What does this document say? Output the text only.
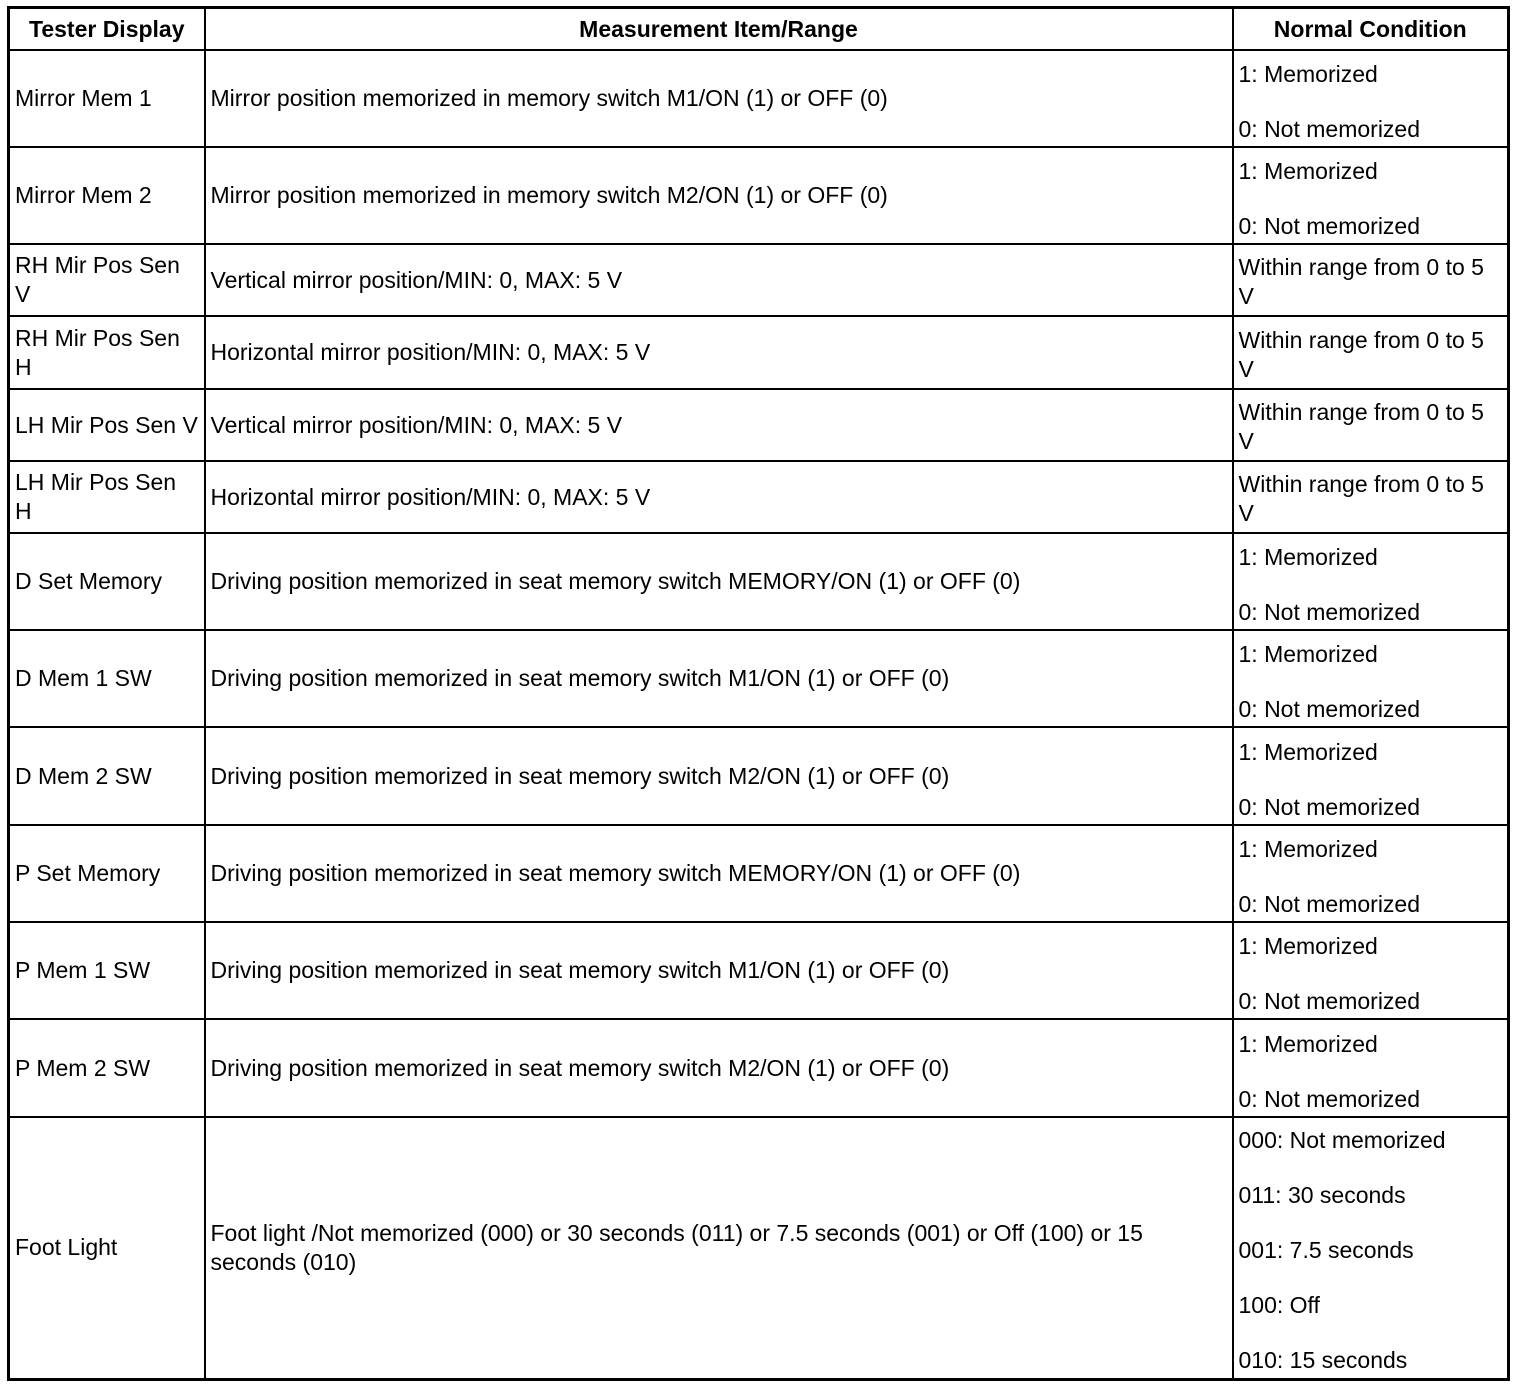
Tester Display	Measurement Item/Range	Normal Condition
Mirror Mem 1	Mirror position memorized in memory switch M1/ON (1) or OFF (0)	1: Memorized
0: Not memorized

Mirror Mem 2	Mirror position memorized in memory switch M2/ON (1) or OFF (0)	1: Memorized
0: Not memorized

RH Mir Pos Sen V	Vertical mirror position/MIN: 0, MAX: 5 V	Within range from 0 to 5 V

RH Mir Pos Sen H	Horizontal mirror position/MIN: 0, MAX: 5 V	Within range from 0 to 5 V

LH Mir Pos Sen V	Vertical mirror position/MIN: 0, MAX: 5 V	Within range from 0 to 5 V

LH Mir Pos Sen H	Horizontal mirror position/MIN: 0, MAX: 5 V	Within range from 0 to 5 V

D Set Memory	Driving position memorized in seat memory switch MEMORY/ON (1) or OFF (0)	1: Memorized
0: Not memorized

D Mem 1 SW	Driving position memorized in seat memory switch M1/ON (1) or OFF (0)	1: Memorized
0: Not memorized

D Mem 2 SW	Driving position memorized in seat memory switch M2/ON (1) or OFF (0)	1: Memorized
0: Not memorized

P Set Memory	Driving position memorized in seat memory switch MEMORY/ON (1) or OFF (0)	1: Memorized
0: Not memorized

P Mem 1 SW	Driving position memorized in seat memory switch M1/ON (1) or OFF (0)	1: Memorized
0: Not memorized

P Mem 2 SW	Driving position memorized in seat memory switch M2/ON (1) or OFF (0)	1: Memorized
0: Not memorized

Foot Light	Foot light /Not memorized (000) or 30 seconds (011) or 7.5 seconds (001) or Off (100) or 15 seconds (010)	000: Not memorized
011: 30 seconds
001: 7.5 seconds
100: Off
010: 15 seconds
